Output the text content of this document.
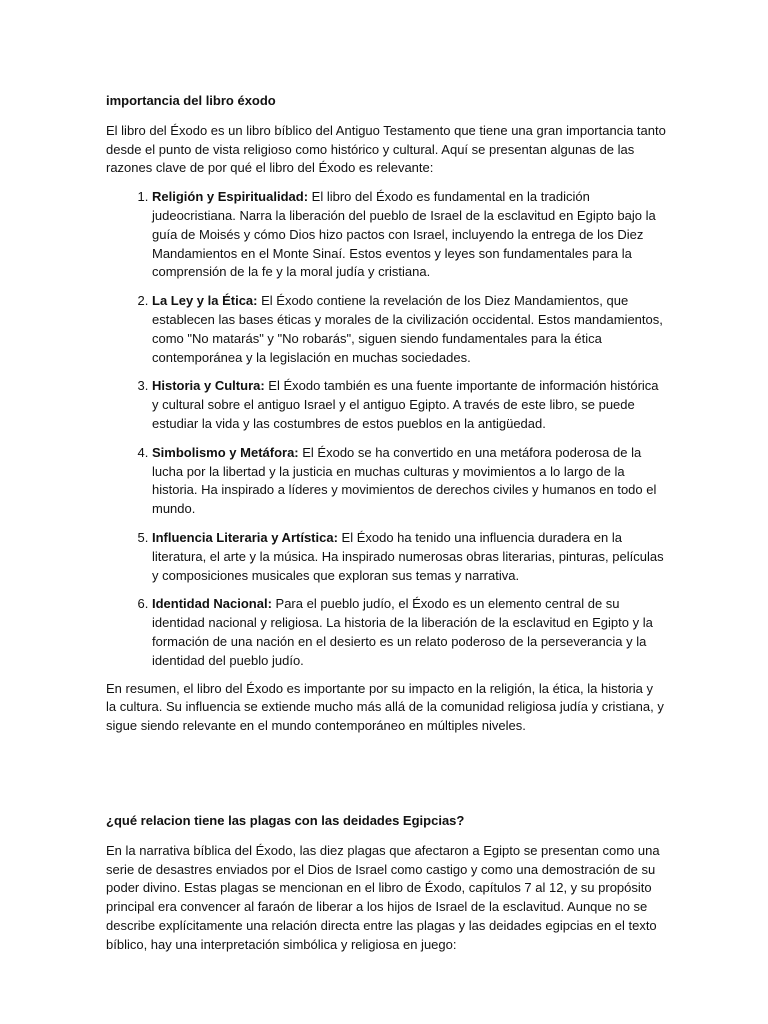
importancia del libro éxodo

El libro del Éxodo es un libro bíblico del Antiguo Testamento que tiene una gran importancia tanto desde el punto de vista religioso como histórico y cultural. Aquí se presentan algunas de las razones clave de por qué el libro del Éxodo es relevante:

1. Religión y Espiritualidad: El libro del Éxodo es fundamental en la tradición judeocristiana. Narra la liberación del pueblo de Israel de la esclavitud en Egipto bajo la guía de Moisés y cómo Dios hizo pactos con Israel, incluyendo la entrega de los Diez Mandamientos en el Monte Sinaí. Estos eventos y leyes son fundamentales para la comprensión de la fe y la moral judía y cristiana.
2. La Ley y la Ética: El Éxodo contiene la revelación de los Diez Mandamientos, que establecen las bases éticas y morales de la civilización occidental. Estos mandamientos, como "No matarás" y "No robarás", siguen siendo fundamentales para la ética contemporánea y la legislación en muchas sociedades.
3. Historia y Cultura: El Éxodo también es una fuente importante de información histórica y cultural sobre el antiguo Israel y el antiguo Egipto. A través de este libro, se puede estudiar la vida y las costumbres de estos pueblos en la antigüedad.
4. Simbolismo y Metáfora: El Éxodo se ha convertido en una metáfora poderosa de la lucha por la libertad y la justicia en muchas culturas y movimientos a lo largo de la historia. Ha inspirado a líderes y movimientos de derechos civiles y humanos en todo el mundo.
5. Influencia Literaria y Artística: El Éxodo ha tenido una influencia duradera en la literatura, el arte y la música. Ha inspirado numerosas obras literarias, pinturas, películas y composiciones musicales que exploran sus temas y narrativa.
6. Identidad Nacional: Para el pueblo judío, el Éxodo es un elemento central de su identidad nacional y religiosa. La historia de la liberación de la esclavitud en Egipto y la formación de una nación en el desierto es un relato poderoso de la perseverancia y la identidad del pueblo judío.

En resumen, el libro del Éxodo es importante por su impacto en la religión, la ética, la historia y la cultura. Su influencia se extiende mucho más allá de la comunidad religiosa judía y cristiana, y sigue siendo relevante en el mundo contemporáneo en múltiples niveles.

¿qué relacion tiene las plagas con las deidades Egipcias?

En la narrativa bíblica del Éxodo, las diez plagas que afectaron a Egipto se presentan como una serie de desastres enviados por el Dios de Israel como castigo y como una demostración de su poder divino. Estas plagas se mencionan en el libro de Éxodo, capítulos 7 al 12, y su propósito principal era convencer al faraón de liberar a los hijos de Israel de la esclavitud. Aunque no se describe explícitamente una relación directa entre las plagas y las deidades egipcias en el texto bíblico, hay una interpretación simbólica y religiosa en juego:
